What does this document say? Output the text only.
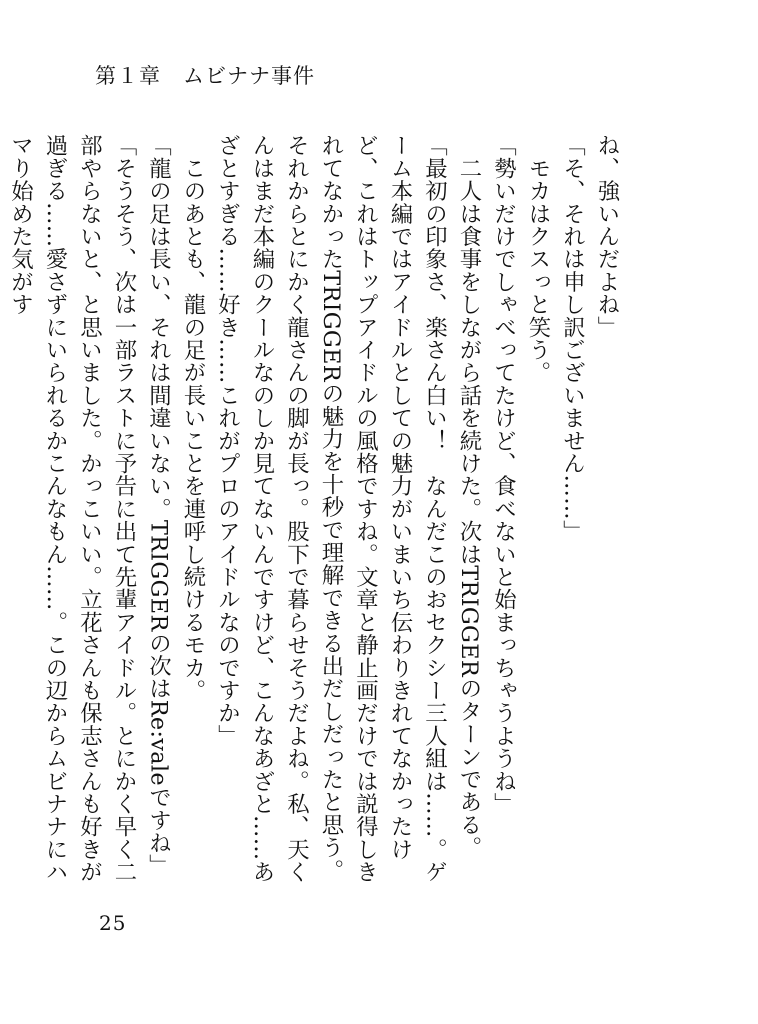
第１章 ムビナナ事件

ね、強いんだよね」

「そ、それは申し訳ございません……」

　モカはクスっと笑う。

「勢いだけでしゃべってたけど、食べないと始まっちゃうようね」

　二人は食事をしながら話を続けた。次はTRIGGERのターンである。

「最初の印象さ、楽さん白い！　なんだこのおセクシー三人組は……。ゲーム本編ではアイドルとしての魅力がいまいち伝わりきれてなかったけど、これはトップアイドルの風格ですね。文章と静止画だけでは説得しきれてなかったTRIGGERの魅力を十秒で理解できる出だしだったと思う。それからとにかく龍さんの脚が長っ。股下で暮らせそうだよね。私、天くんはまだ本編のクールなのしか見てないんですけど、こんなあざと……あざとすぎる……好き……これがプロのアイドルなのですか」

　このあとも、龍の足が長いことを連呼し続けるモカ。

「龍の足は長い、それは間違いない。TRIGGERの次はRe:valeですね」

「そうそう、次は一部ラストに予告に出て先輩アイドル。とにかく早く二部やらないと、と思いました。かっこいい。立花さんも保志さんも好きが過ぎる……愛さずにいられるかこんなもん……。この辺からムビナナにハマり始めた気がす

25
